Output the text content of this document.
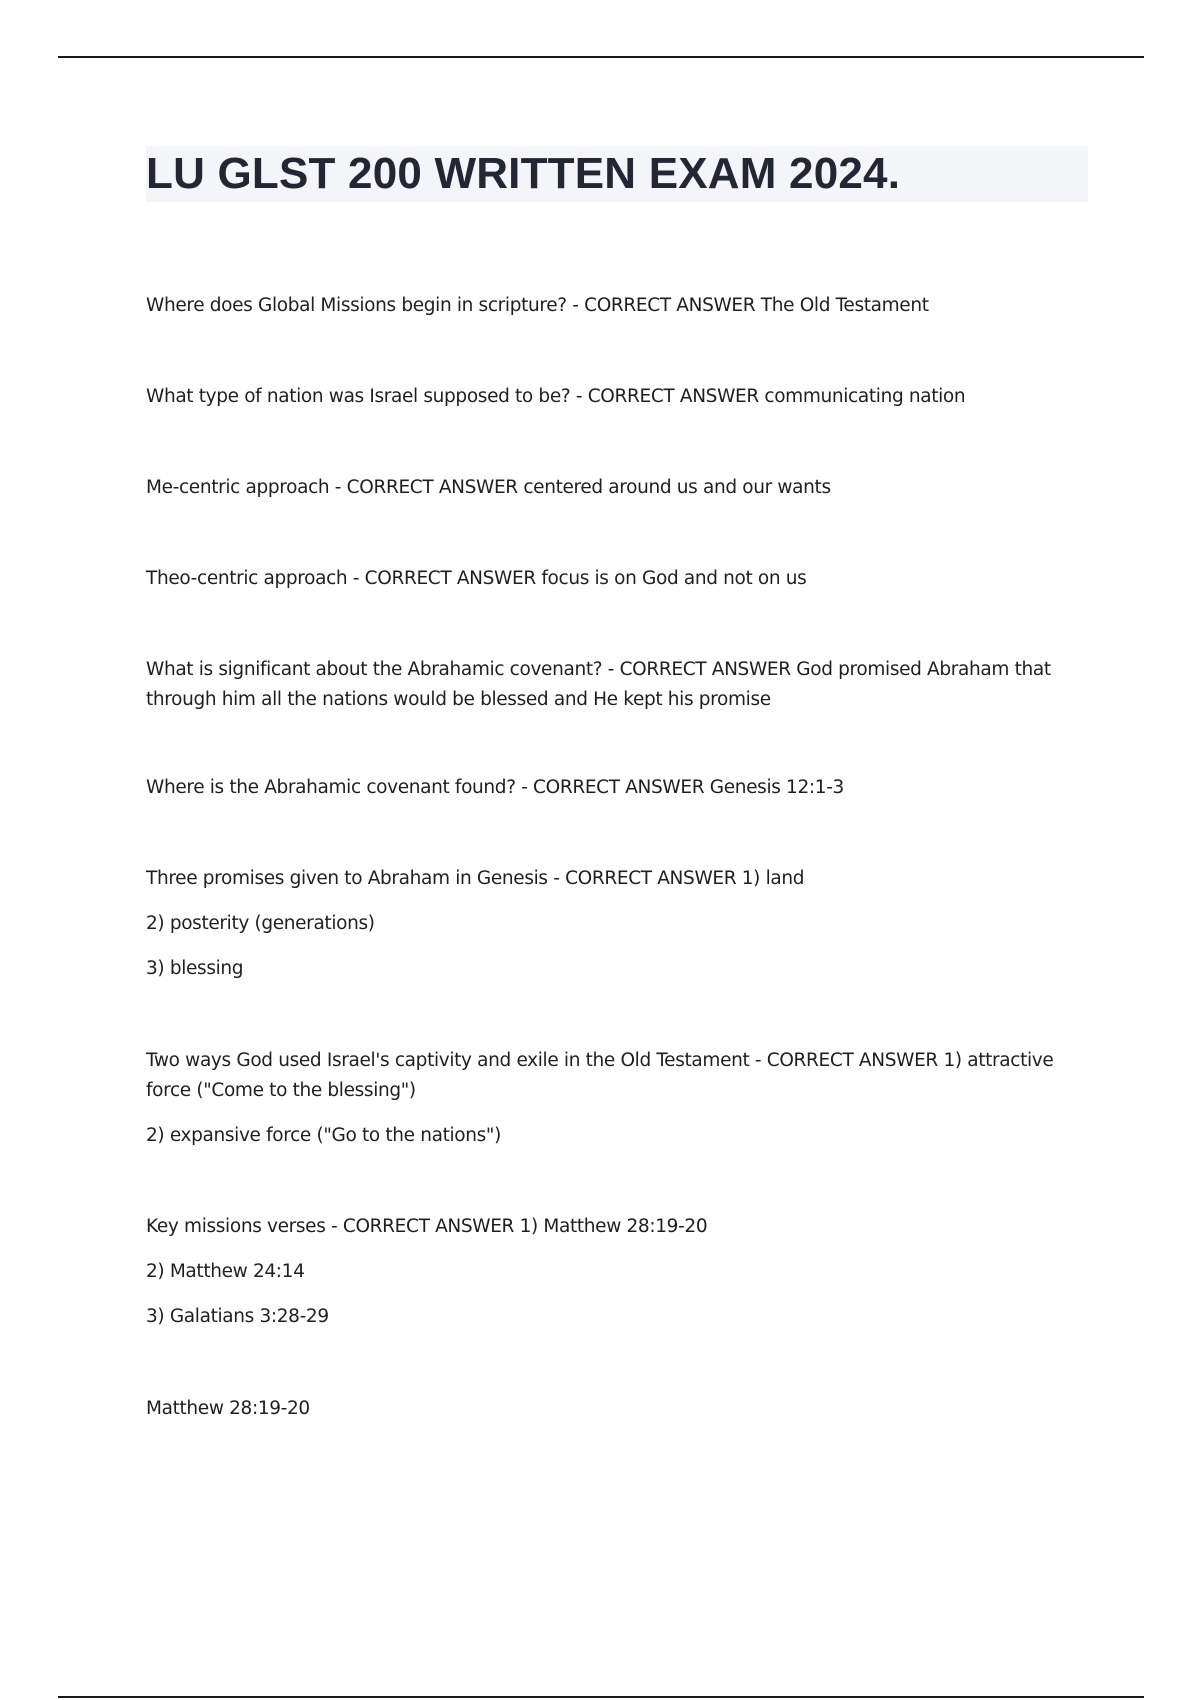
LU GLST 200 WRITTEN EXAM 2024.

Where does Global Missions begin in scripture? - CORRECT ANSWER The Old Testament

What type of nation was Israel supposed to be? - CORRECT ANSWER communicating nation

Me-centric approach - CORRECT ANSWER centered around us and our wants

Theo-centric approach - CORRECT ANSWER focus is on God and not on us

What is significant about the Abrahamic covenant? - CORRECT ANSWER God promised Abraham that through him all the nations would be blessed and He kept his promise

Where is the Abrahamic covenant found? - CORRECT ANSWER Genesis 12:1-3

Three promises given to Abraham in Genesis - CORRECT ANSWER 1) land

2) posterity (generations)

3) blessing

Two ways God used Israel's captivity and exile in the Old Testament - CORRECT ANSWER 1) attractive force ("Come to the blessing")

2) expansive force ("Go to the nations")

Key missions verses - CORRECT ANSWER 1) Matthew 28:19-20

2) Matthew 24:14

3) Galatians 3:28-29

Matthew 28:19-20
